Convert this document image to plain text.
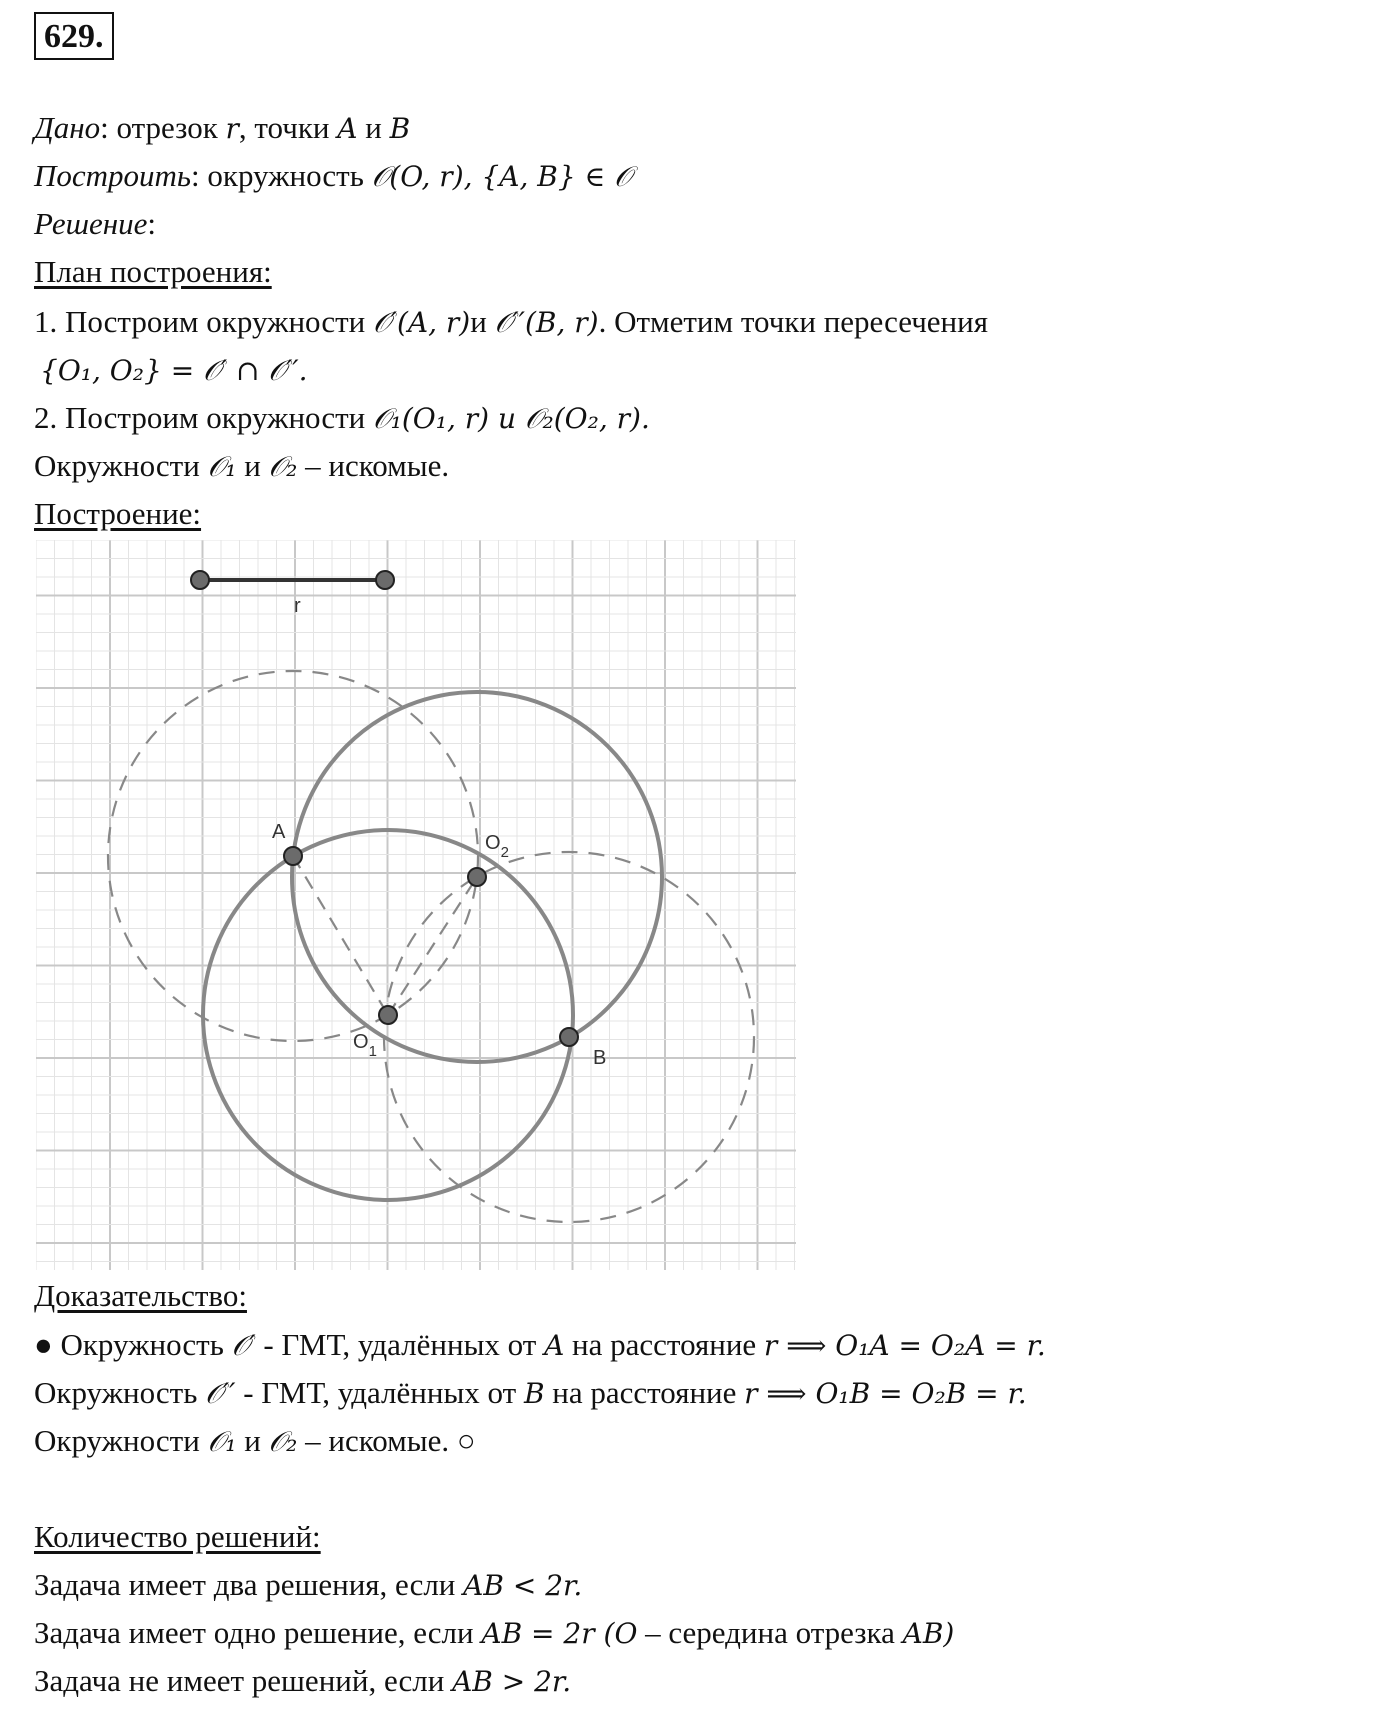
629.
Дано: отрезок r, точки A и B
Построить: окружность 𝒪(O, r), {A, B} ∈ 𝒪
Решение:
План построения:
1. Построим окружности 𝒪′(A, r)и 𝒪′′(B, r). Отметим точки пересечения
{O₁, O₂} = 𝒪′ ∩ 𝒪′′.
2. Построим окружности 𝒪₁(O₁, r) и 𝒪₂(O₂, r).
Окружности 𝒪₁ и 𝒪₂ – искомые.
Построение:
r
A
B
$O_1$
$O_2$
Доказательство:
● Окружность 𝒪′ - ГМТ, удалённых от A на расстояние r ⟹ O₁A = O₂A = r.
Окружность 𝒪′′ - ГМТ, удалённых от B на расстояние r ⟹ O₁B = O₂B = r.
Окружности 𝒪₁ и 𝒪₂ – искомые. ○
Количество решений:
Задача имеет два решения, если AB < 2r.
Задача имеет одно решение, если AB = 2r (O – середина отрезка AB)
Задача не имеет решений, если AB > 2r.
